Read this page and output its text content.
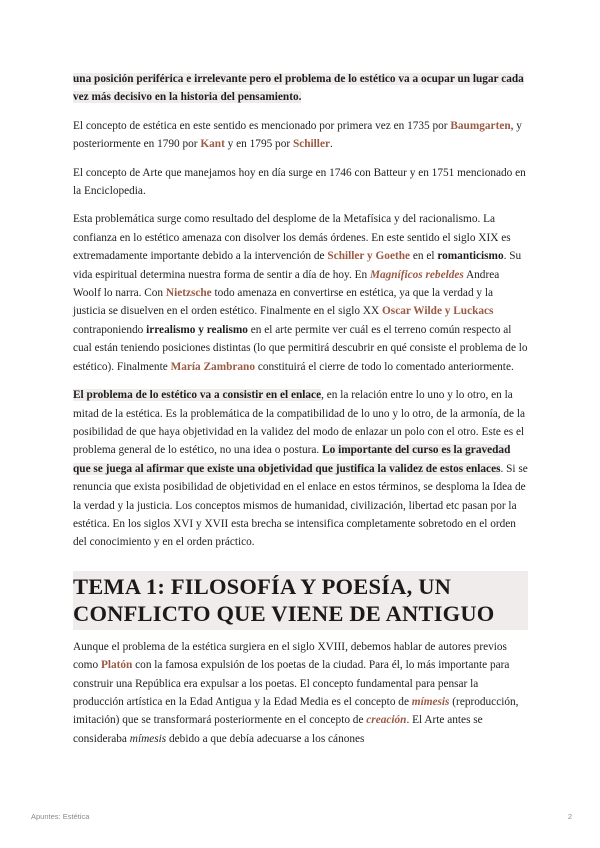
una posición periférica e irrelevante pero el problema de lo estético va a ocupar un lugar cada vez más decisivo en la historia del pensamiento.

El concepto de estética en este sentido es mencionado por primera vez en 1735 por Baumgarten, y posteriormente en 1790 por Kant y en 1795 por Schiller.

El concepto de Arte que manejamos hoy en día surge en 1746 con Batteur y en 1751 mencionado en la Enciclopedia.

Esta problemática surge como resultado del desplome de la Metafísica y del racionalismo. La confianza en lo estético amenaza con disolver los demás órdenes. En este sentido el siglo XIX es extremadamente importante debido a la intervención de Schiller y Goethe en el romanticismo. Su vida espiritual determina nuestra forma de sentir a día de hoy. En Magníficos rebeldes Andrea Woolf lo narra. Con Nietzsche todo amenaza en convertirse en estética, ya que la verdad y la justicia se disuelven en el orden estético. Finalmente en el siglo XX Oscar Wilde y Luckacs contraponiendo irrealismo y realismo en el arte permite ver cuál es el terreno común respecto al cual están teniendo posiciones distintas (lo que permitirá descubrir en qué consiste el problema de lo estético). Finalmente María Zambrano constituirá el cierre de todo lo comentado anteriormente.

El problema de lo estético va a consistir en el enlace, en la relación entre lo uno y lo otro, en la mitad de la estética. Es la problemática de la compatibilidad de lo uno y lo otro, de la armonía, de la posibilidad de que haya objetividad en la validez del modo de enlazar un polo con el otro. Este es el problema general de lo estético, no una idea o postura. Lo importante del curso es la gravedad que se juega al afirmar que existe una objetividad que justifica la validez de estos enlaces. Si se renuncia que exista posibilidad de objetividad en el enlace en estos términos, se desploma la Idea de la verdad y la justicia. Los conceptos mismos de humanidad, civilización, libertad etc pasan por la estética. En los siglos XVI y XVII esta brecha se intensifica completamente sobretodo en el orden del conocimiento y en el orden práctico.

TEMA 1: FILOSOFÍA Y POESÍA, UN CONFLICTO QUE VIENE DE ANTIGUO

Aunque el problema de la estética surgiera en el siglo XVIII, debemos hablar de autores previos como Platón con la famosa expulsión de los poetas de la ciudad. Para él, lo más importante para construir una República era expulsar a los poetas. El concepto fundamental para pensar la producción artística en la Edad Antigua y la Edad Media es el concepto de mímesis (reproducción, imitación) que se transformará posteriormente en el concepto de creación. El Arte antes se consideraba mímesis debido a que debía adecuarse a los cánones

Apuntes: Estética	2
